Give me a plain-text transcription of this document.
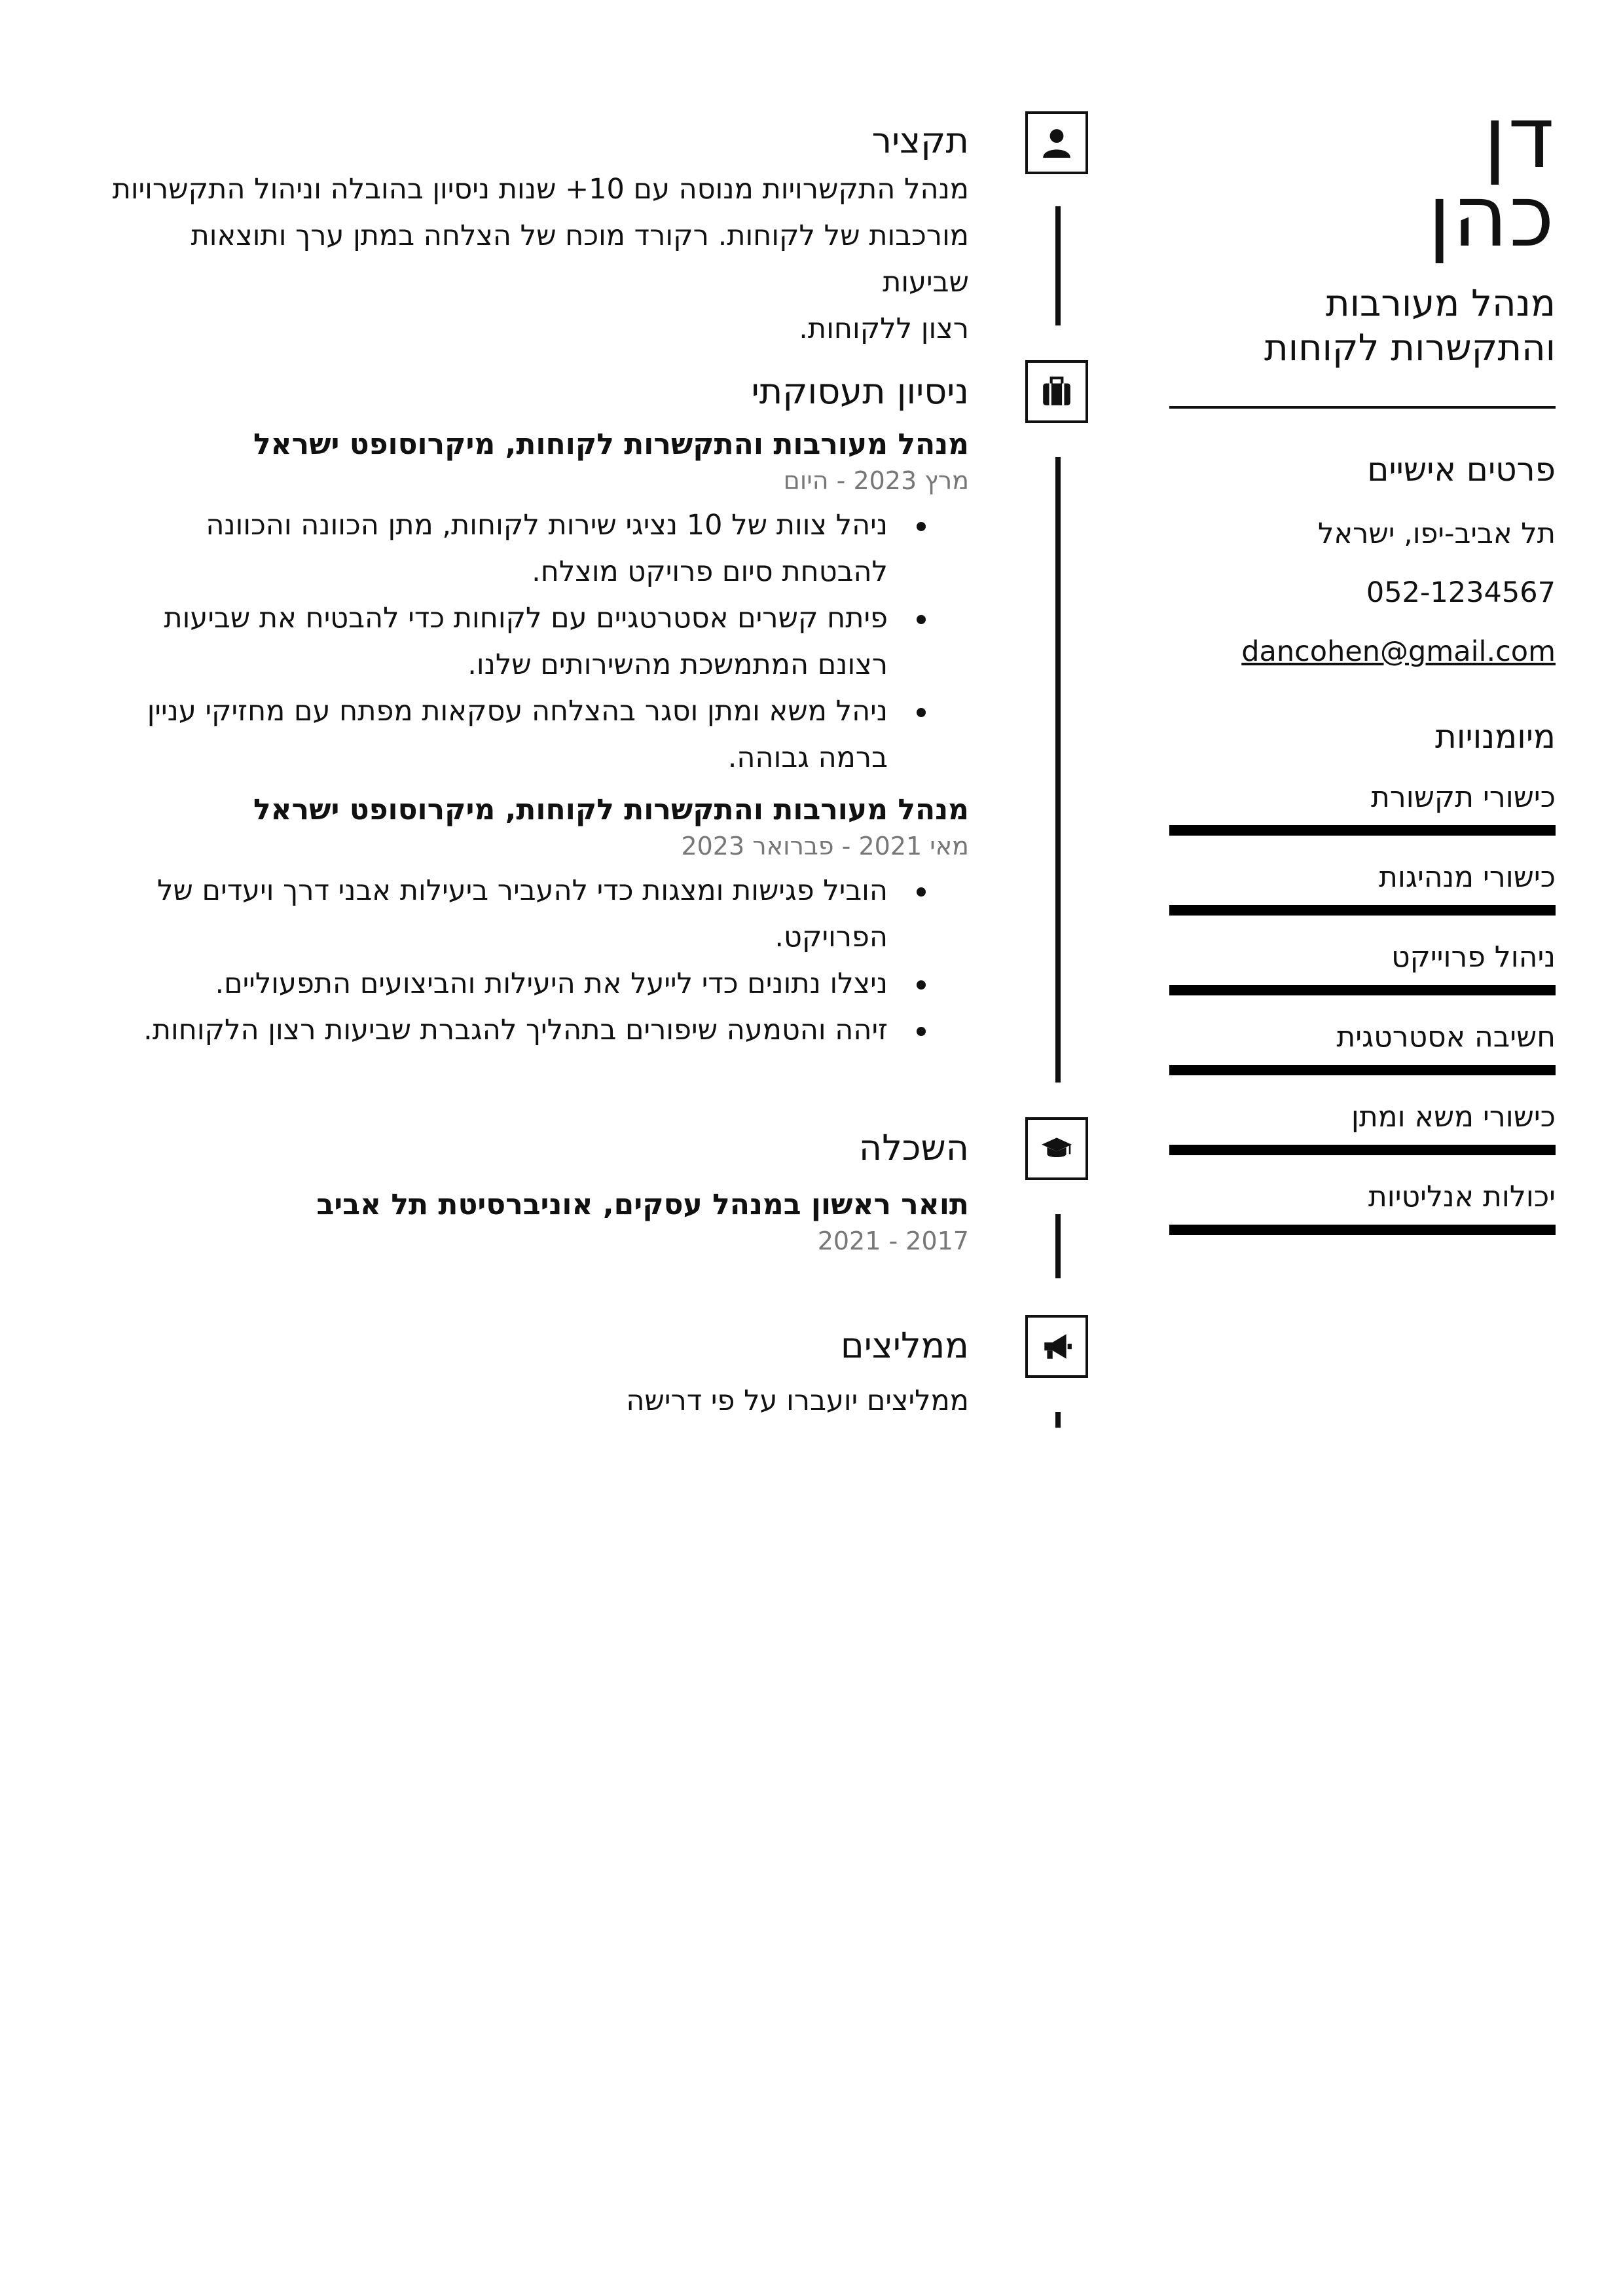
דן
כהן
מנהל מעורבות
והתקשרות לקוחות
פרטים אישיים
תל אביב-יפו, ישראל
052-1234567
dancohen@gmail.com
מיומנויות
כישורי תקשורת
כישורי מנהיגות
ניהול פרוייקט
חשיבה אסטרטגית
כישורי משא ומתן
יכולות אנליטיות
תקציר
מנהל התקשרויות מנוסה עם 10+ שנות ניסיון בהובלה וניהול התקשרויות
מורכבות של לקוחות. רקורד מוכח של הצלחה במתן ערך ותוצאות שביעות
רצון ללקוחות.
ניסיון תעסוקתי
מנהל מעורבות והתקשרות לקוחות, מיקרוסופט ישראל
מרץ 2023 - היום
ניהל צוות של 10 נציגי שירות לקוחות, מתן הכוונה והכוונה להבטחת סיום פרויקט מוצלח.
פיתח קשרים אסטרטגיים עם לקוחות כדי להבטיח את שביעות רצונם המתמשכת מהשירותים שלנו.
ניהל משא ומתן וסגר בהצלחה עסקאות מפתח עם מחזיקי עניין ברמה גבוהה.
מנהל מעורבות והתקשרות לקוחות, מיקרוסופט ישראל
מאי 2021 - פברואר 2023
הוביל פגישות ומצגות כדי להעביר ביעילות אבני דרך ויעדים של הפרויקט.
ניצלו נתונים כדי לייעל את היעילות והביצועים התפעוליים.
זיהה והטמעה שיפורים בתהליך להגברת שביעות רצון הלקוחות.
השכלה
תואר ראשון במנהל עסקים, אוניברסיטת תל אביב
2017 - 2021
ממליצים
ממליצים יועברו על פי דרישה
